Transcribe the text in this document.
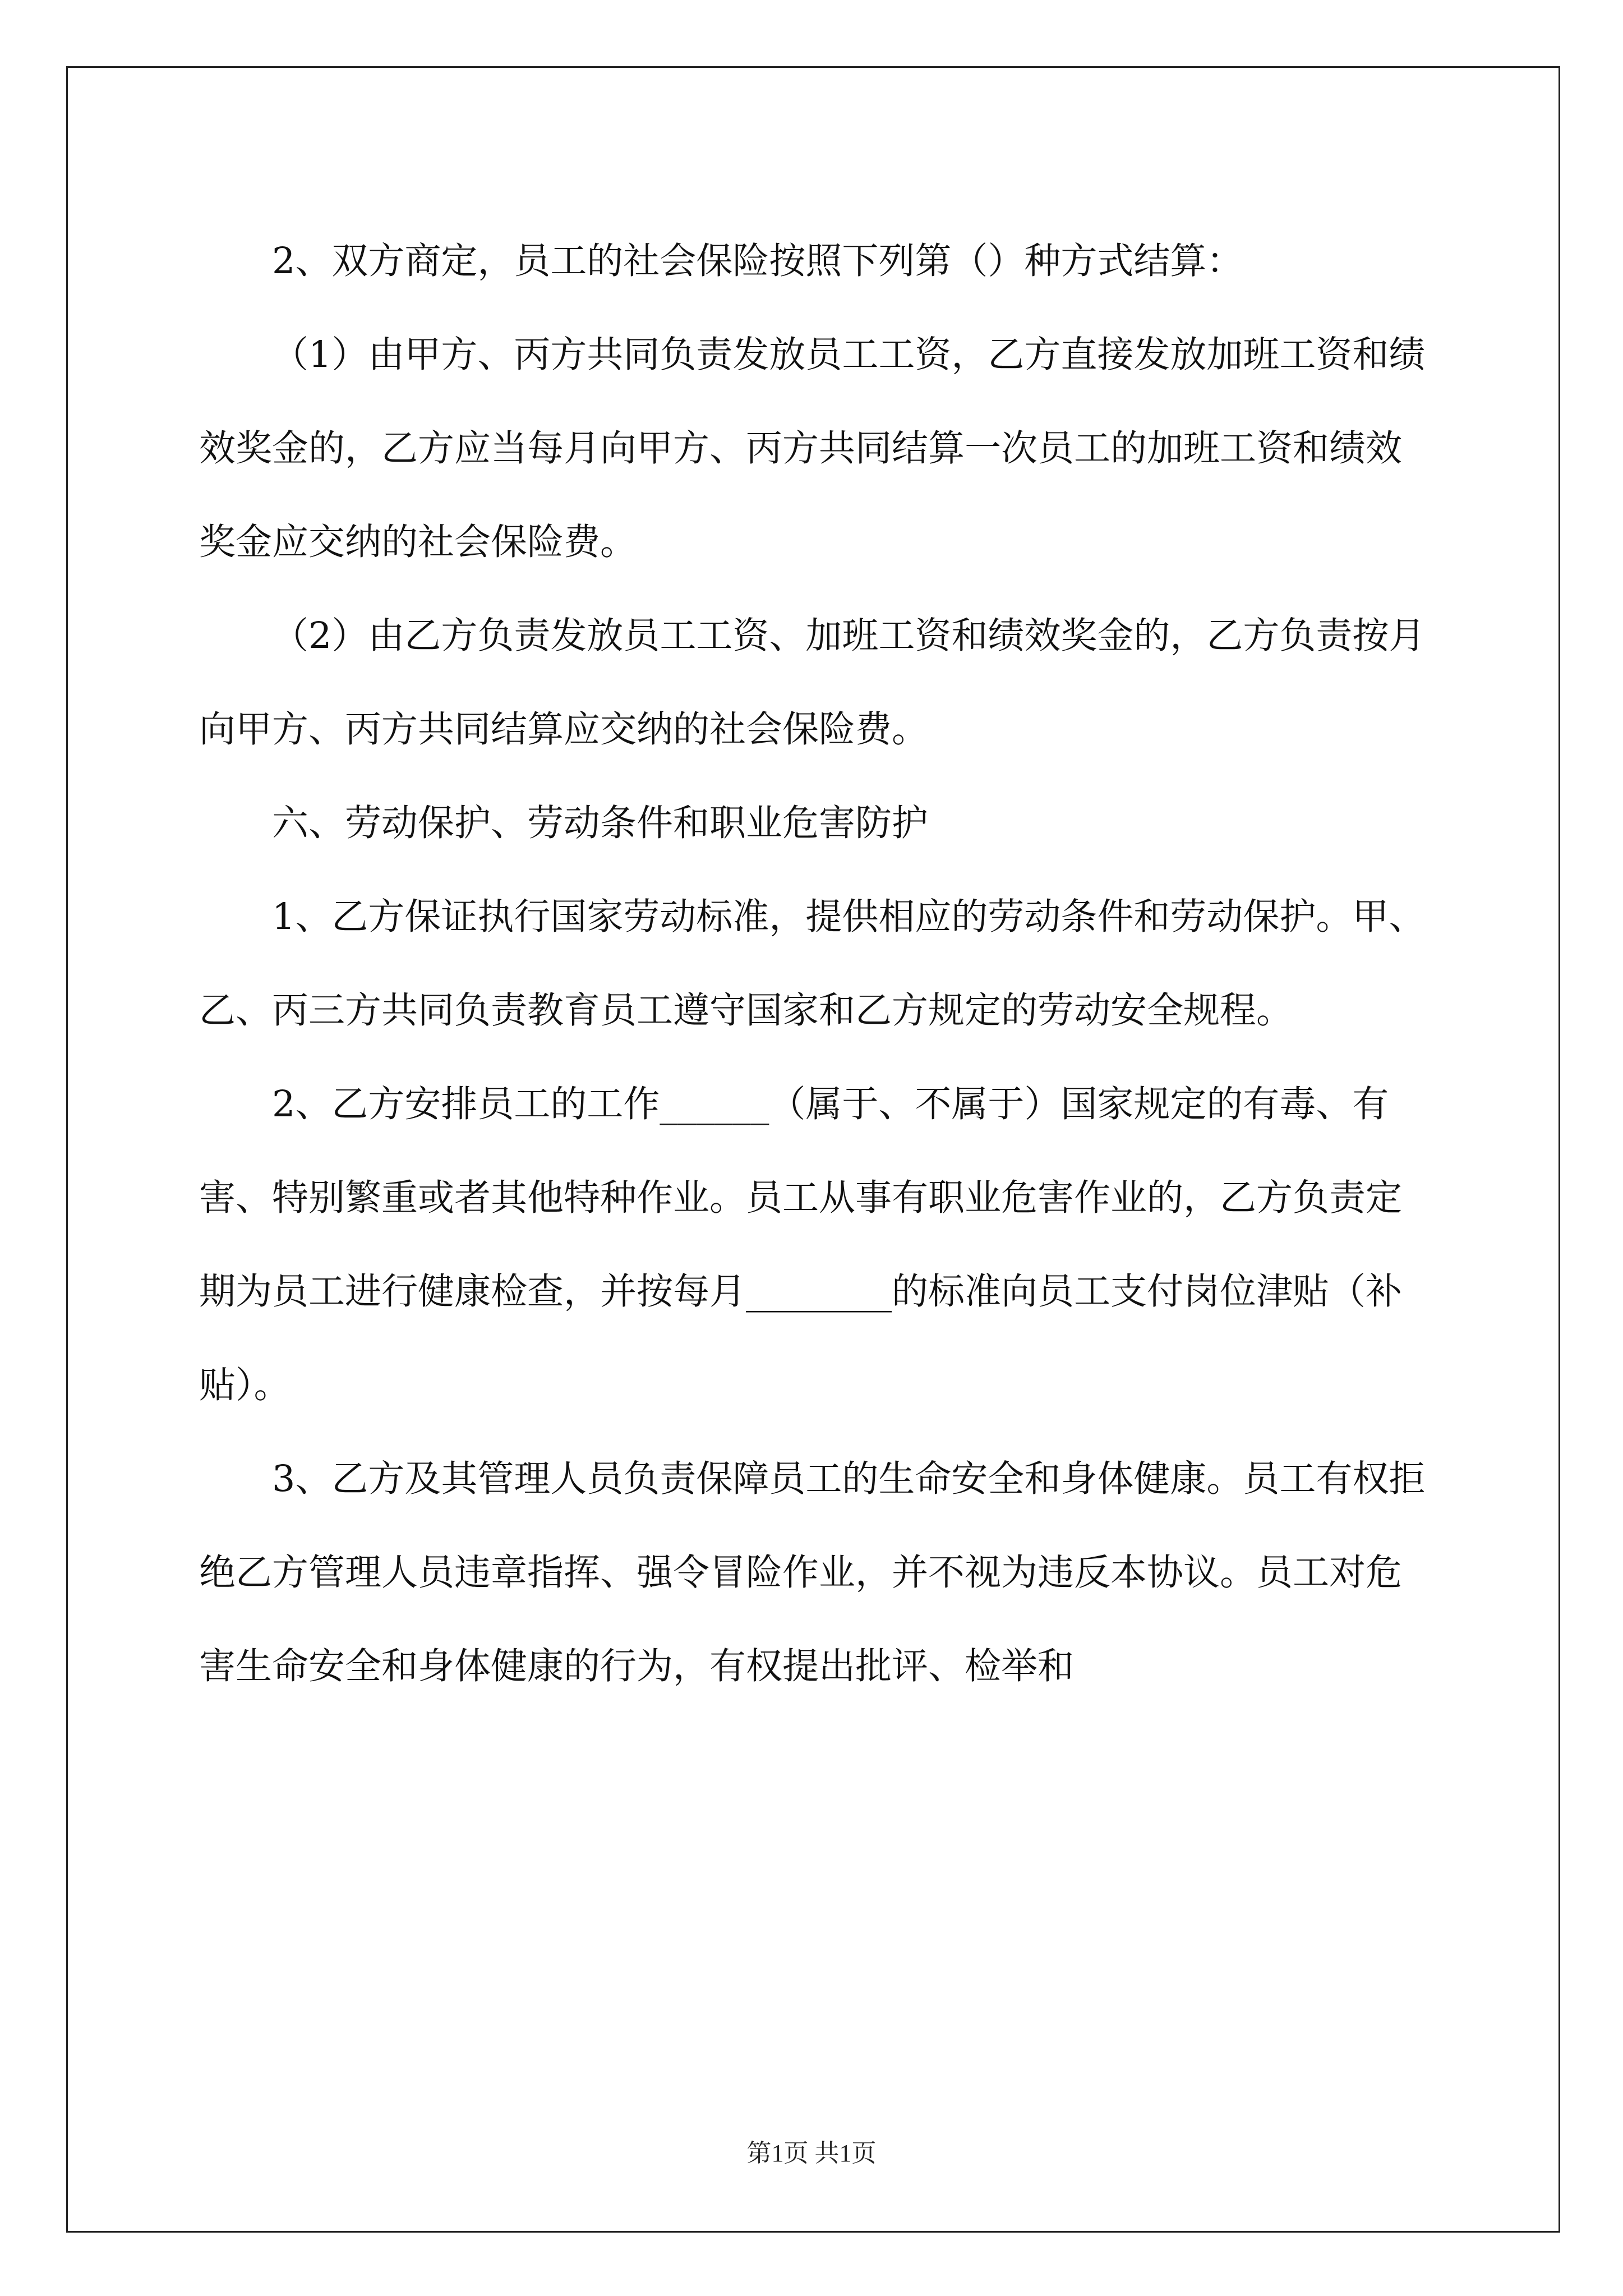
2、双方商定，员工的社会保险按照下列第（）种方式结算：

（1）由甲方、丙方共同负责发放员工工资，乙方直接发放加班工资和绩效奖金的，乙方应当每月向甲方、丙方共同结算一次员工的加班工资和绩效奖金应交纳的社会保险费。

（2）由乙方负责发放员工工资、加班工资和绩效奖金的，乙方负责按月向甲方、丙方共同结算应交纳的社会保险费。

六、劳动保护、劳动条件和职业危害防护

1、乙方保证执行国家劳动标准，提供相应的劳动条件和劳动保护。甲、乙、丙三方共同负责教育员工遵守国家和乙方规定的劳动安全规程。

2、乙方安排员工的工作______（属于、不属于）国家规定的有毒、有害、特别繁重或者其他特种作业。员工从事有职业危害作业的，乙方负责定期为员工进行健康检查，并按每月________的标准向员工支付岗位津贴（补贴）。

3、乙方及其管理人员负责保障员工的生命安全和身体健康。员工有权拒绝乙方管理人员违章指挥、强令冒险作业，并不视为违反本协议。员工对危害生命安全和身体健康的行为，有权提出批评、检举和

第1页 共1页
